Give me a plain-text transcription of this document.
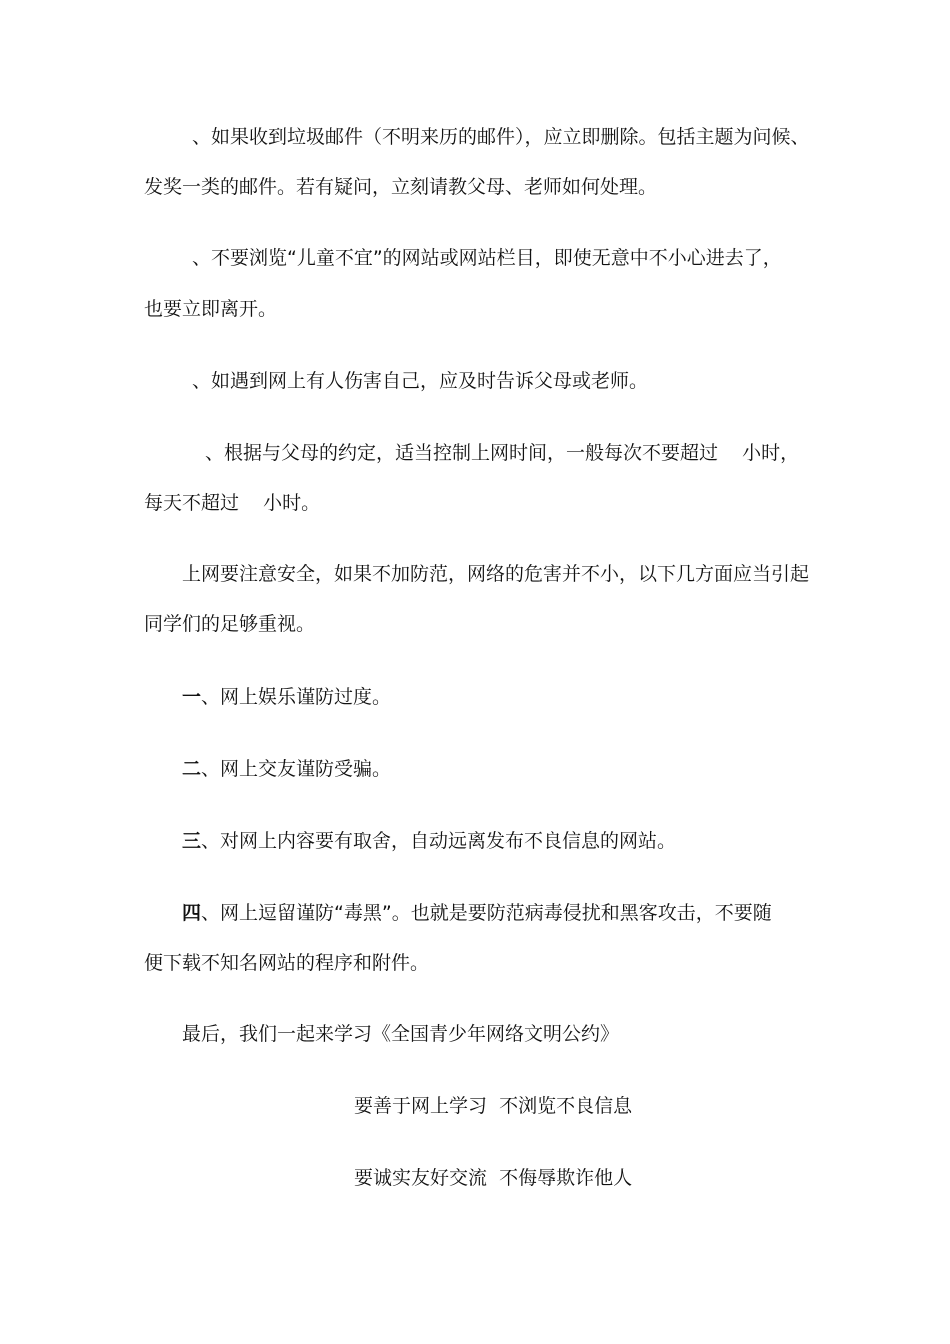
、如果收到垃圾邮件（不明来历的邮件），应立即删除。包括主题为问候、
发奖一类的邮件。若有疑问，立刻请教父母、老师如何处理。
、不要浏览“儿童不宜”的网站或网站栏目，即使无意中不小心进去了，
也要立即离开。
、如遇到网上有人伤害自己，应及时告诉父母或老师。
、根据与父母的约定，适当控制上网时间，一般每次不要超过    小时，
每天不超过    小时。
上网要注意安全，如果不加防范，网络的危害并不小，以下几方面应当引起
同学们的足够重视。
一、网上娱乐谨防过度。
二、网上交友谨防受骗。
三、对网上内容要有取舍，自动远离发布不良信息的网站。
四、网上逗留谨防“毒黑”。也就是要防范病毒侵扰和黑客攻击，不要随
便下载不知名网站的程序和附件。
最后，我们一起来学习《全国青少年网络文明公约》
要善于网上学习  不浏览不良信息
要诚实友好交流  不侮辱欺诈他人
